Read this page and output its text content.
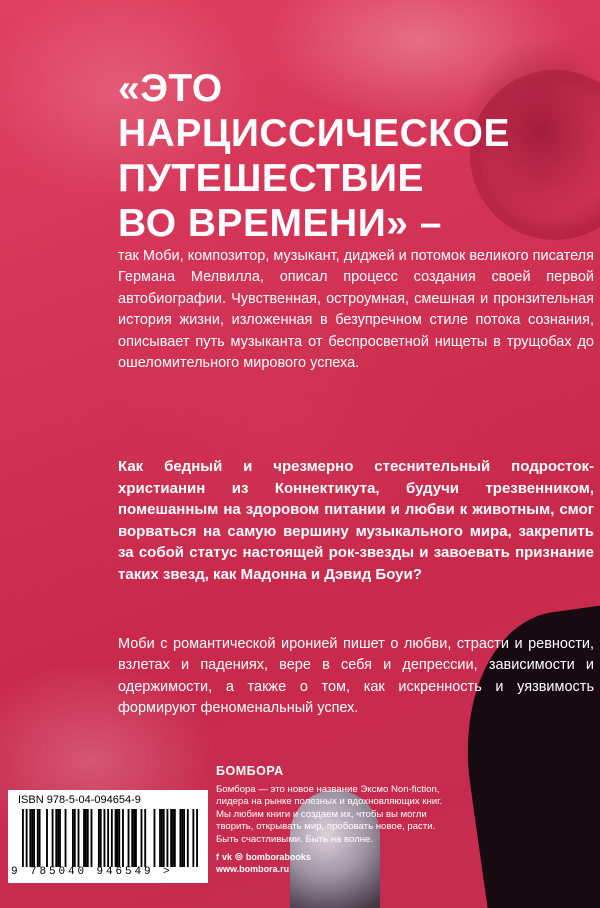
«ЭТО
НАРЦИССИЧЕСКОЕ
ПУТЕШЕСТВИЕ
ВО ВРЕМЕНИ» –

так Моби, композитор, музыкант, диджей и потомок великого писателя Германа Мелвилла, описал процесс создания своей первой автобиографии. Чувственная, остроумная, смешная и пронзительная история жизни, изложенная в безупречном стиле потока сознания, описывает путь музыканта от беспросветной нищеты в трущобах до ошеломительного мирового успеха.

Как бедный и чрезмерно стеснительный подросток-христианин из Коннектикута, будучи трезвенником, помешанным на здоровом питании и любви к животным, смог ворваться на самую вершину музыкального мира, закрепить за собой статус настоящей рок-звезды и завоевать признание таких звезд, как Мадонна и Дэвид Боуи?

Моби с романтической иронией пишет о любви, страсти и ревности, взлетах и падениях, вере в себя и депрессии, зависимости и одержимости, а также о том, как искренность и уязвимость формируют феноменальный успех.

ISBN 978-5-04-094654-9
9 785040 946549 >
БОМБОРА

Бомбора — это новое название Эксмо Non-fiction, лидера на рынке полезных и вдохновляющих книг. Мы любим книги и создаем их, чтобы вы могли творить, открывать мир, пробовать новое, расти. Быть счастливыми. Быть на волне.

f vk ◎ bomborabooks
www.bombora.ru
